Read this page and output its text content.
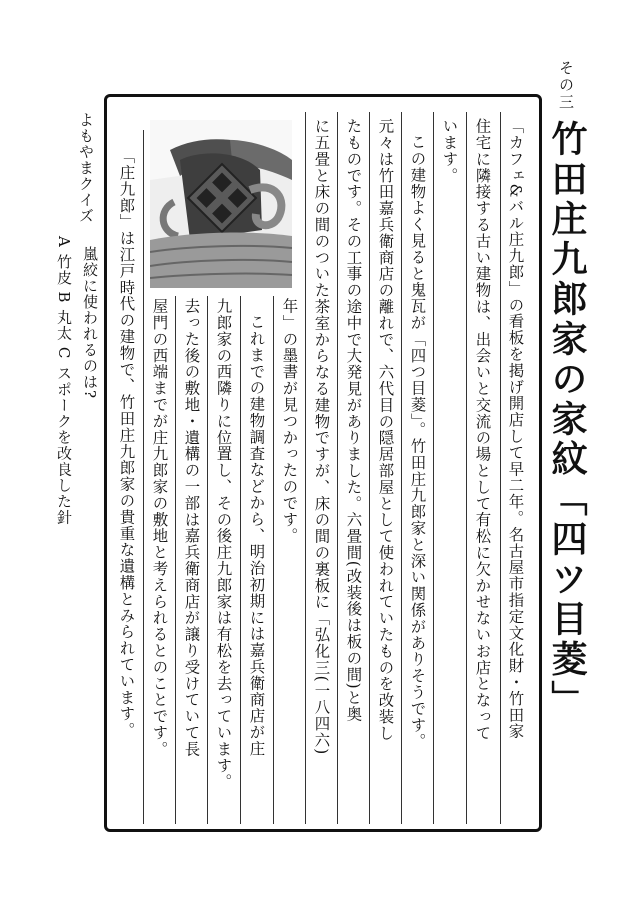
その三
竹田庄九郎家の家紋「四ツ目菱」
「カフェ&バル庄九郎」の看板を掲げ開店して早二年。名古屋市指定文化財・竹田家
住宅に隣接する古い建物は、出会いと交流の場として有松に欠かせないお店となって
います。
この建物よく見ると鬼瓦が「四つ目菱」。竹田庄九郎家と深い関係がありそうです。
元々は竹田嘉兵衛商店の離れで、六代目の隠居部屋として使われていたものを改装し
たものです。その工事の途中で大発見がありました。六畳間(改装後は板の間)と奥
に五畳と床の間のついた茶室からなる建物ですが、床の間の裏板に「弘化三(一八四六)
年」の墨書が見つかったのです。
これまでの建物調査などから、明治初期には嘉兵衛商店が庄
九郎家の西隣りに位置し、その後庄九郎家は有松を去っています。
去った後の敷地・遺構の一部は嘉兵衛商店が譲り受けていて長
屋門の西端までが庄九郎家の敷地と考えられるとのことです。
「庄九郎」は江戸時代の建物で、竹田庄九郎家の貴重な遺構とみられています。
よもやまクイズ
嵐絞に使われるのは?
A 竹皮 B 丸太 C スポークを改良した針
